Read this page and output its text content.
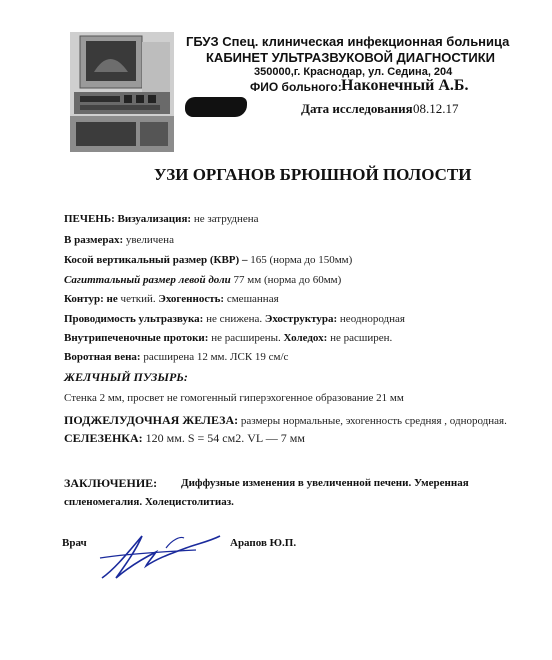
ГБУЗ Спец. клиническая инфекционная больница
КАБИНЕТ УЛЬТРАЗВУКОВОЙ ДИАГНОСТИКИ
350000,г. Краснодар, ул. Седина, 204
ФИО больного: Наконечный А.Б.
Дата исследования 08.12.17
УЗИ ОРГАНОВ БРЮШНОЙ ПОЛОСТИ
ПЕЧЕНЬ: Визуализация: не затруднена
В размерах: увеличена
Косой вертикальный размер (КВР) – 165 (норма до 150мм)
Сагиттальный размер левой доли 77 мм (норма до 60мм)
Контур: не четкий. Эхогенность: смешанная
Проводимость ультразвука: не снижена. Эхоструктура: неоднородная
Внутрипеченочные протоки: не расширены. Холедох: не расширен.
Воротная вена: расширена 12 мм. ЛСК 19 см/с
ЖЕЛЧНЫЙ ПУЗЫРЬ:
Стенка 2 мм, просвет не гомогенный гиперэхогенное образование 21 мм
ПОДЖЕЛУДОЧНАЯ ЖЕЛЕЗА: размеры нормальные, эхогенность средняя , однородная.
СЕЛЕЗЕНКА: 120 мм. S = 54 см2. VL — 7 мм
ЗАКЛЮЧЕНИЕ: Диффузные изменения в увеличенной печени. Умеренная
спленомегалия. Холецистолитиаз.
Врач	Арапов Ю.П.
